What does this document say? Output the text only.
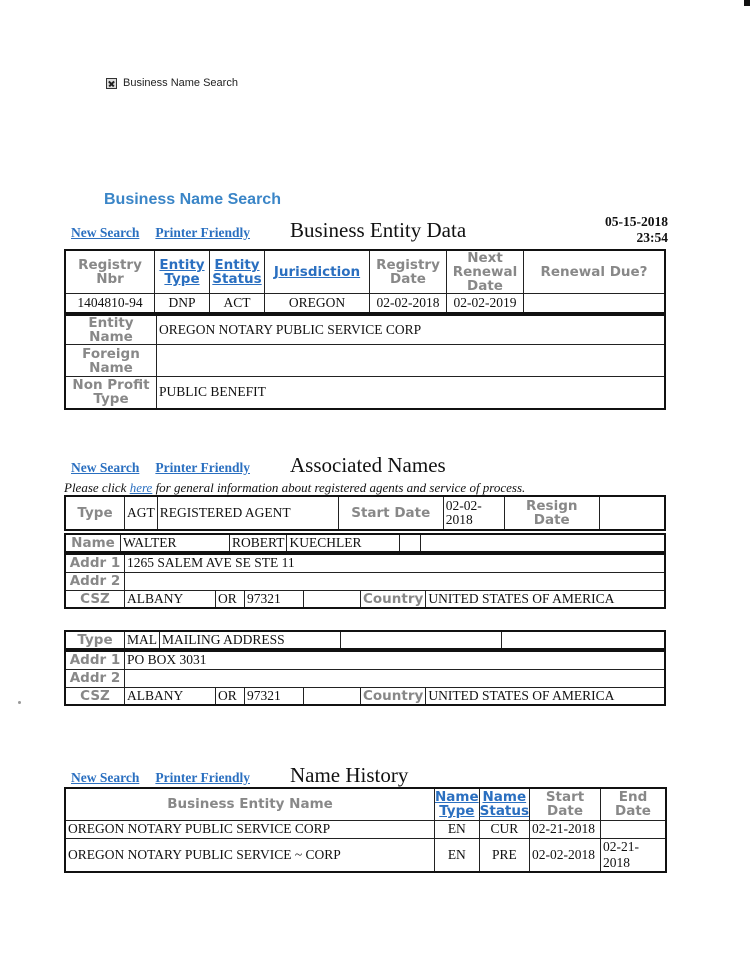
Business Name Search
Business Name Search
New Search Printer Friendly Business Entity Data	05-15-2018
23:54
Registry Nbr	Entity Type	Entity Status	Jurisdiction	Registry Date	Next Renewal Date	Renewal Due?
1404810-94	DNP	ACT	OREGON	02-02-2018	02-02-2019	
Entity Name	OREGON NOTARY PUBLIC SERVICE CORP
Foreign Name	
Non Profit Type	PUBLIC BENEFIT
New Search Printer Friendly Associated Names
Please click here for general information about registered agents and service of process.
Type	AGT	REGISTERED AGENT	Start Date	02-02-2018	Resign Date	
Name	WALTER	ROBERT	KUECHLER		
Addr 1	1265 SALEM AVE SE STE 11					
Addr 2						
CSZ	ALBANY	OR	97321		Country	UNITED STATES OF AMERICA
Type	MAL	MAILING ADDRESS		
Addr 1	PO BOX 3031					
Addr 2						
CSZ	ALBANY	OR	97321		Country	UNITED STATES OF AMERICA
New Search Printer Friendly Name History
Business Entity Name	Name Type	Name Status	Start Date	End Date
OREGON NOTARY PUBLIC SERVICE CORP	EN	CUR	02-21-2018	
OREGON NOTARY PUBLIC SERVICE ~ CORP	EN	PRE	02-02-2018	02-21-2018
